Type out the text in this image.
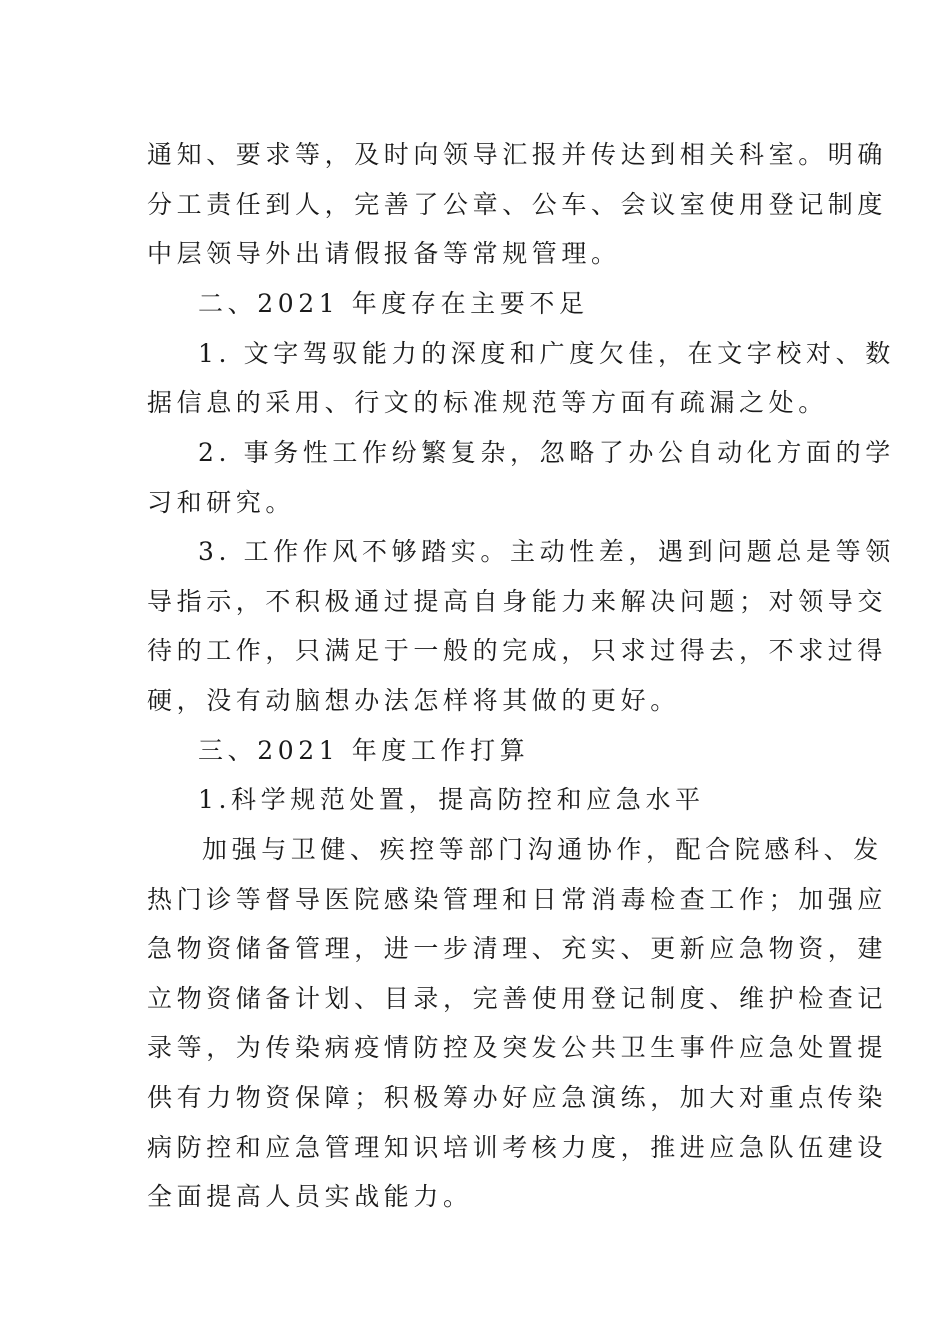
通知、要求等，及时向领导汇报并传达到相关科室。明确
分工责任到人，完善了公章、公车、会议室使用登记制度
中层领导外出请假报备等常规管理。
二、2021 年度存在主要不足
1. 文字驾驭能力的深度和广度欠佳，在文字校对、数
据信息的采用、行文的标准规范等方面有疏漏之处。
2. 事务性工作纷繁复杂，忽略了办公自动化方面的学
习和研究。
3. 工作作风不够踏实。主动性差，遇到问题总是等领
导指示，不积极通过提高自身能力来解决问题；对领导交
待的工作，只满足于一般的完成，只求过得去，不求过得
硬，没有动脑想办法怎样将其做的更好。
三、2021 年度工作打算
1.科学规范处置，提高防控和应急水平
加强与卫健、疾控等部门沟通协作，配合院感科、发
热门诊等督导医院感染管理和日常消毒检查工作；加强应
急物资储备管理，进一步清理、充实、更新应急物资，建
立物资储备计划、目录，完善使用登记制度、维护检查记
录等，为传染病疫情防控及突发公共卫生事件应急处置提
供有力物资保障；积极筹办好应急演练，加大对重点传染
病防控和应急管理知识培训考核力度，推进应急队伍建设
全面提高人员实战能力。
